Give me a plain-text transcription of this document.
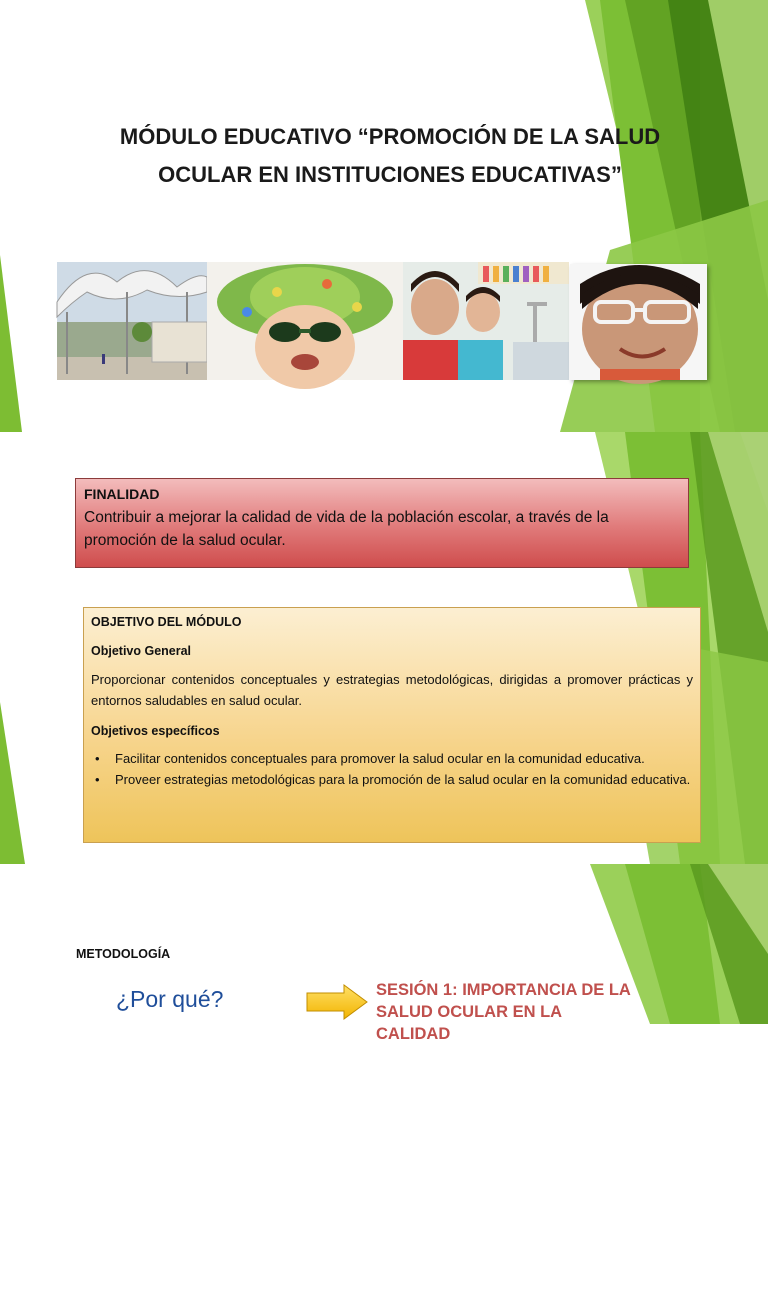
MÓDULO EDUCATIVO “PROMOCIÓN DE LA SALUD OCULAR EN INSTITUCIONES EDUCATIVAS”
FINALIDAD
Contribuir a mejorar la calidad de vida de la población escolar, a través de la promoción de la salud ocular.
OBJETIVO DEL MÓDULO
Objetivo General
Proporcionar contenidos conceptuales y estrategias metodológicas, dirigidas a promover prácticas y entornos saludables en salud ocular.
Objetivos específicos
• Facilitar contenidos conceptuales para promover la salud ocular en la comunidad educativa.
• Proveer estrategias metodológicas para la promoción de la salud ocular en la comunidad educativa.
METODOLOGÍA
¿Por qué?	SESIÓN 1: IMPORTANCIA DE LA SALUD OCULAR EN LA CALIDAD
